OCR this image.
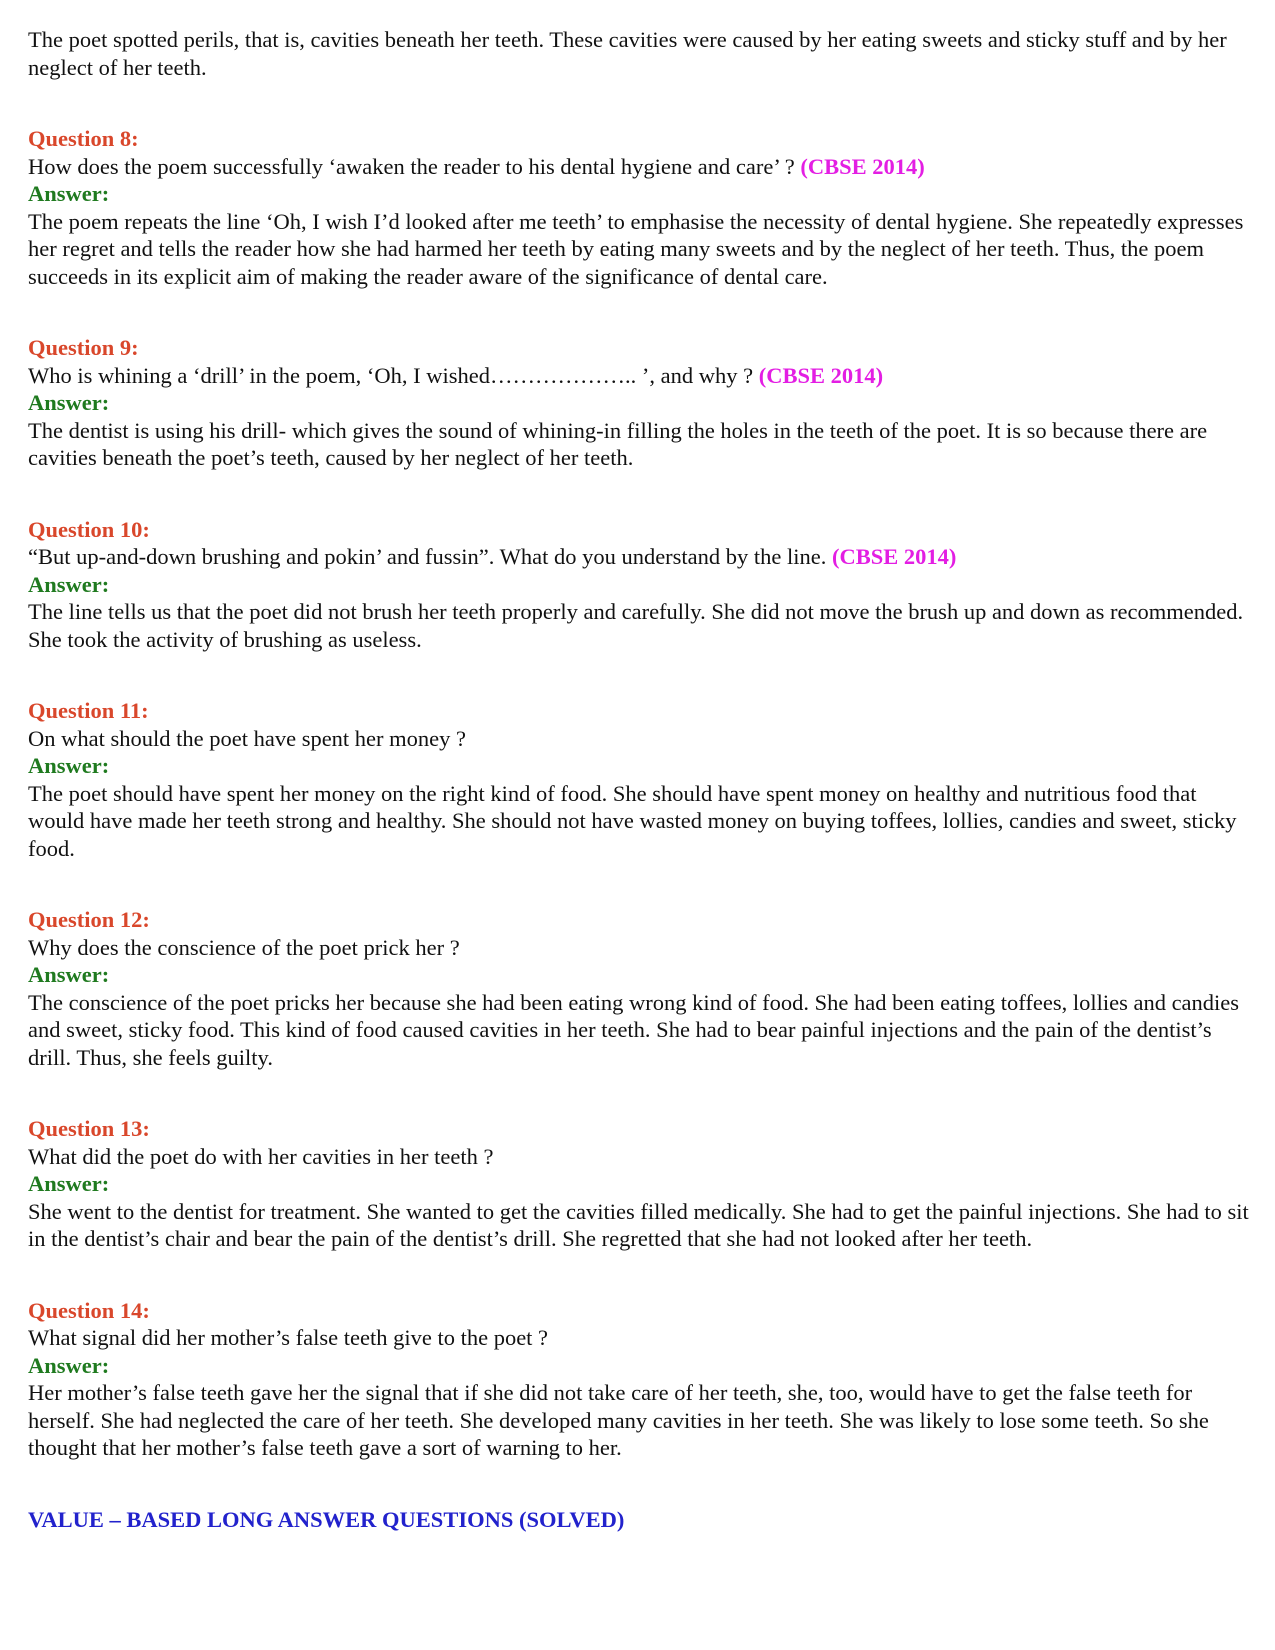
The poet spotted perils, that is, cavities beneath her teeth. These cavities were caused by her eating sweets and sticky stuff and by her neglect of her teeth.

Question 8:

How does the poem successfully ‘awaken the reader to his dental hygiene and care’ ? (CBSE 2014)

Answer:

The poem repeats the line ‘Oh, I wish I’d looked after me teeth’ to emphasise the necessity of dental hygiene. She repeatedly expresses her regret and tells the reader how she had harmed her teeth by eating many sweets and by the neglect of her teeth. Thus, the poem succeeds in its explicit aim of making the reader aware of the significance of dental care.

Question 9:

Who is whining a ‘drill’ in the poem, ‘Oh, I wished……………….. ’, and why ? (CBSE 2014)

Answer:

The dentist is using his drill- which gives the sound of whining-in filling the holes in the teeth of the poet. It is so because there are cavities beneath the poet’s teeth, caused by her neglect of her teeth.

Question 10:

“But up-and-down brushing and pokin’ and fussin”. What do you understand by the line. (CBSE 2014)

Answer:

The line tells us that the poet did not brush her teeth properly and carefully. She did not move the brush up and down as recommended. She took the activity of brushing as useless.

Question 11:

On what should the poet have spent her money ?

Answer:

The poet should have spent her money on the right kind of food. She should have spent money on healthy and nutritious food that would have made her teeth strong and healthy. She should not have wasted money on buying toffees, lollies, candies and sweet, sticky food.

Question 12:

Why does the conscience of the poet prick her ?

Answer:

The conscience of the poet pricks her because she had been eating wrong kind of food. She had been eating toffees, lollies and candies and sweet, sticky food. This kind of food caused cavities in her teeth. She had to bear painful injections and the pain of the dentist’s drill. Thus, she feels guilty.

Question 13:

What did the poet do with her cavities in her teeth ?

Answer:

She went to the dentist for treatment. She wanted to get the cavities filled medically. She had to get the painful injections. She had to sit in the dentist’s chair and bear the pain of the dentist’s drill. She regretted that she had not looked after her teeth.

Question 14:

What signal did her mother’s false teeth give to the poet ?

Answer:

Her mother’s false teeth gave her the signal that if she did not take care of her teeth, she, too, would have to get the false teeth for herself. She had neglected the care of her teeth. She developed many cavities in her teeth. She was likely to lose some teeth. So she thought that her mother’s false teeth gave a sort of warning to her.

VALUE – BASED LONG ANSWER QUESTIONS (SOLVED)
